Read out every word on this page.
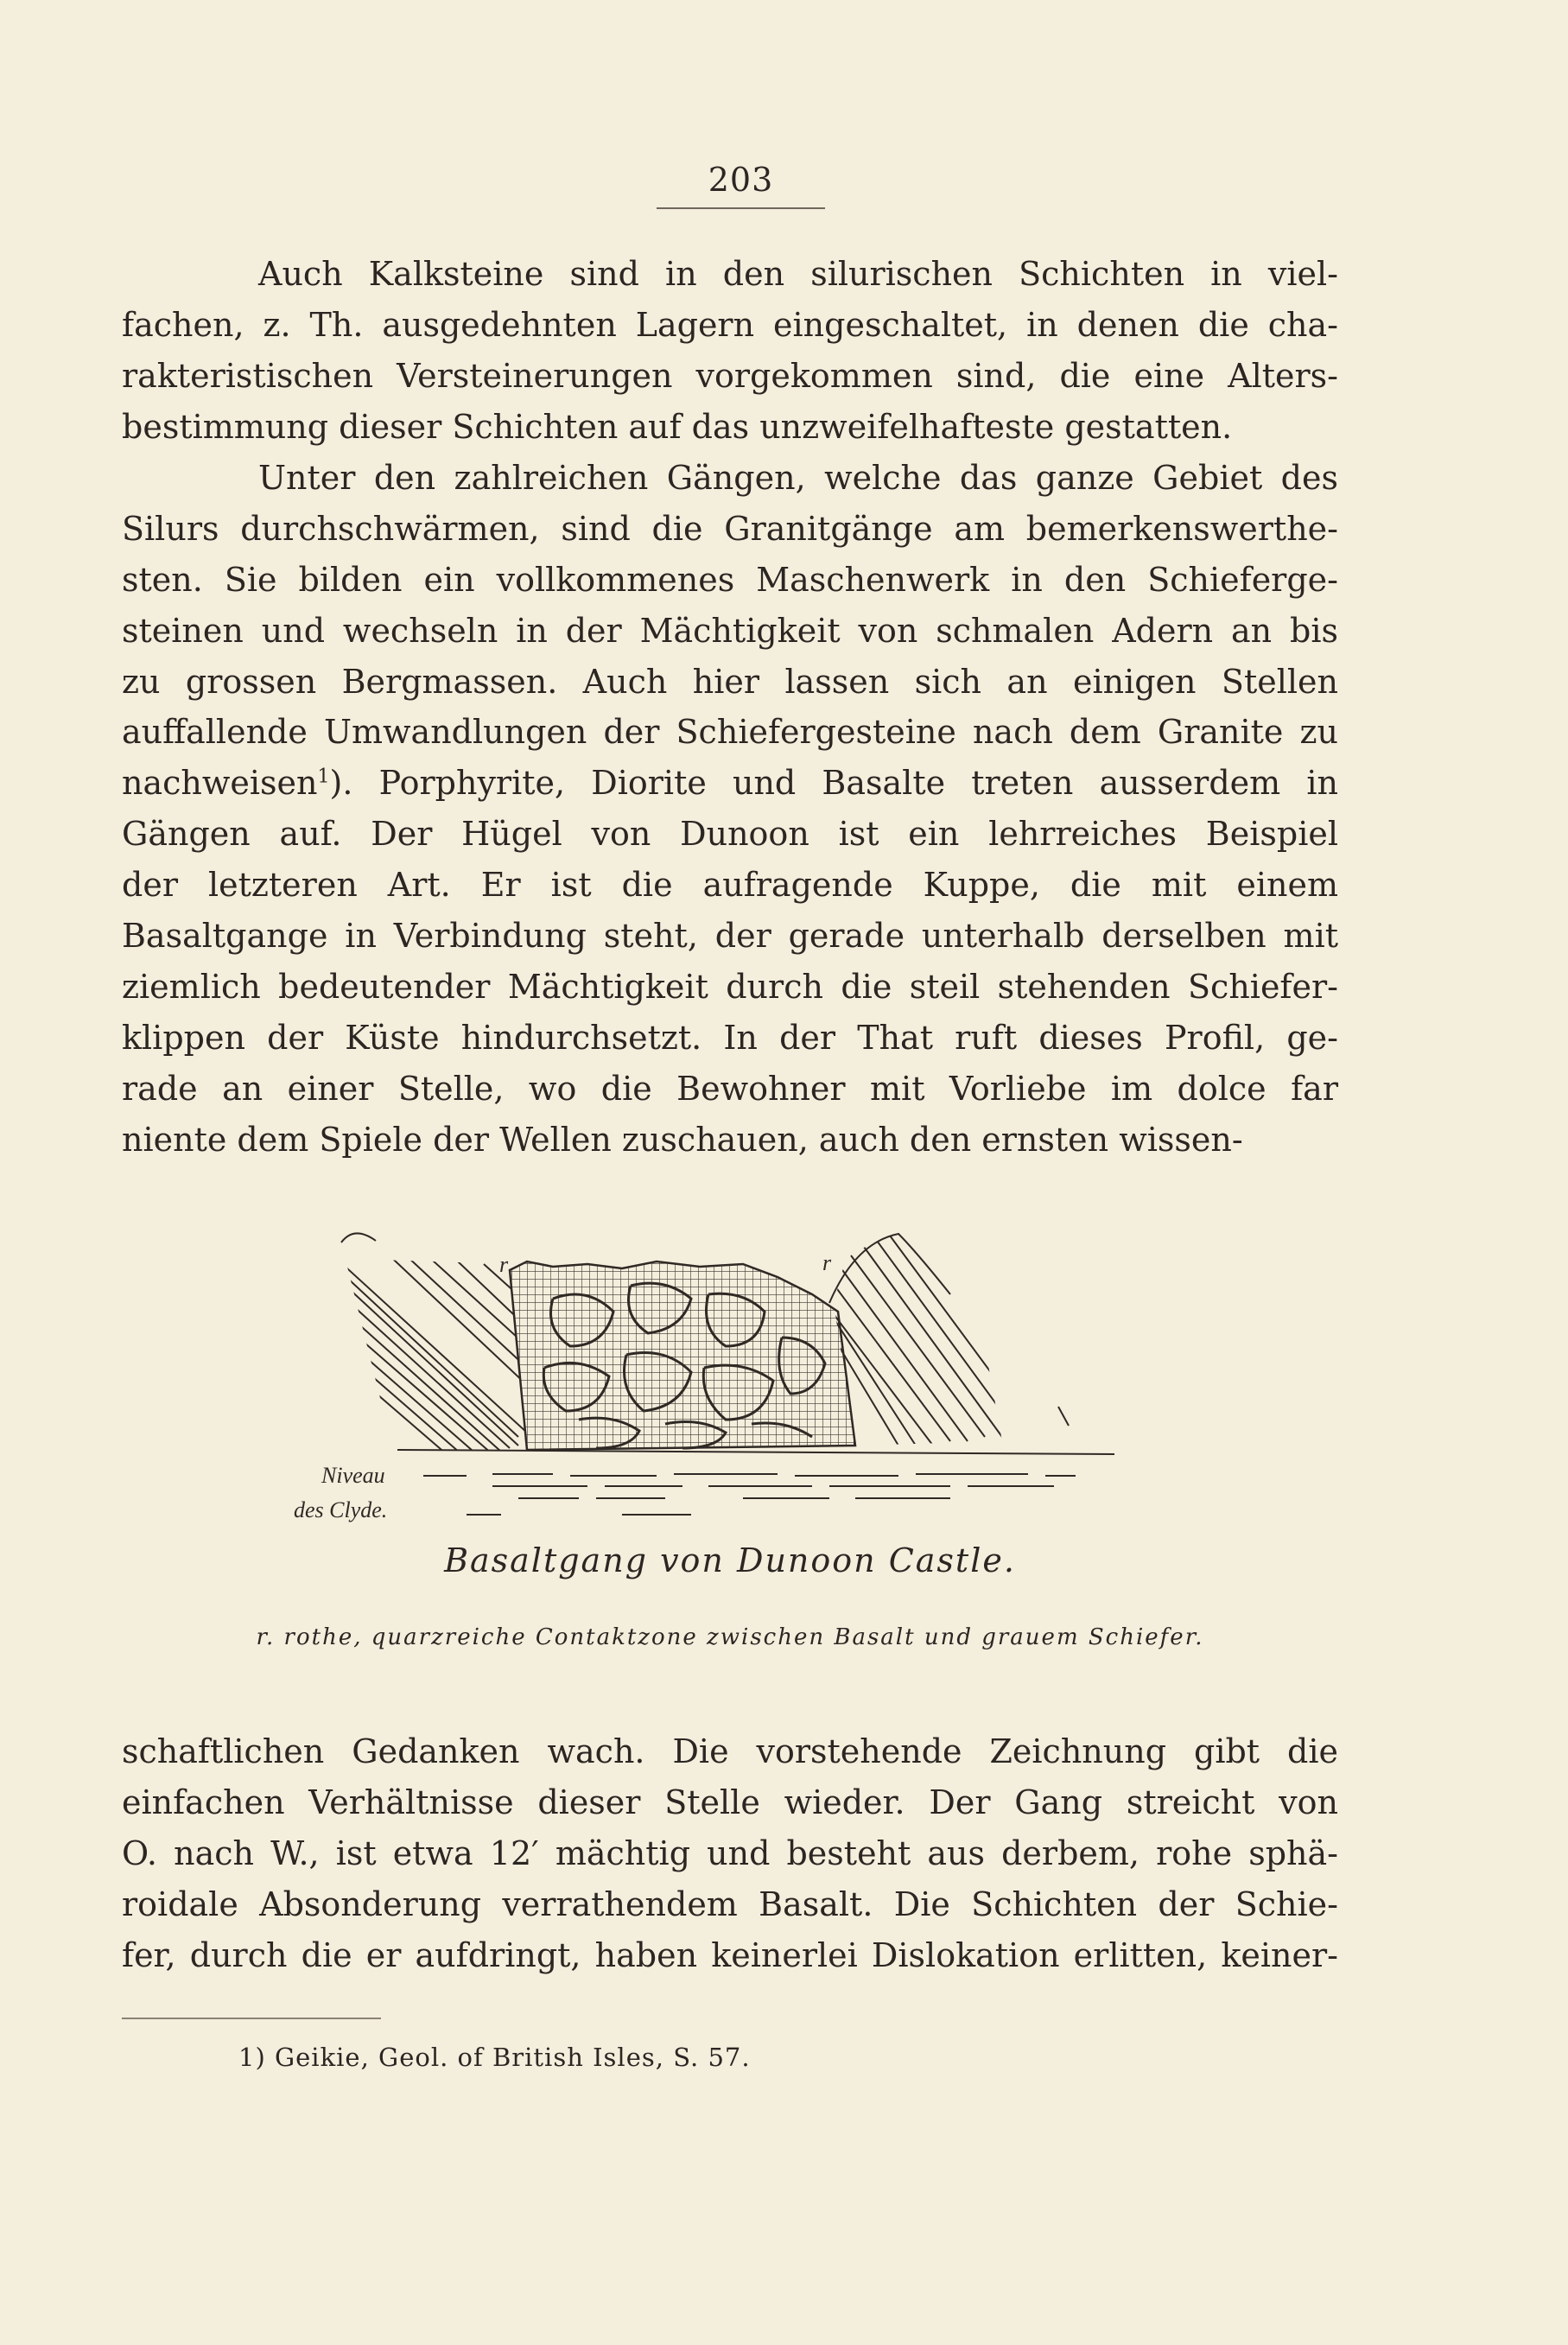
203

Auch Kalksteine sind in den silurischen Schichten in viel-
fachen, z. Th. ausgedehnten Lagern eingeschaltet, in denen die cha-
rakteristischen Versteinerungen vorgekommen sind, die eine Alters-
bestimmung dieser Schichten auf das unzweifelhafteste gestatten.

Unter den zahlreichen Gängen, welche das ganze Gebiet des
Silurs durchschwärmen, sind die Granitgänge am bemerkenswerthe-
sten. Sie bilden ein vollkommenes Maschenwerk in den Schieferge-
steinen und wechseln in der Mächtigkeit von schmalen Adern an bis
zu grossen Bergmassen. Auch hier lassen sich an einigen Stellen
auffallende Umwandlungen der Schiefergesteine nach dem Granite zu
nachweisen$^1$). Porphyrite, Diorite und Basalte treten ausserdem in
Gängen auf. Der Hügel von Dunoon ist ein lehrreiches Beispiel
der letzteren Art. Er ist die aufragende Kuppe, die mit einem
Basaltgange in Verbindung steht, der gerade unterhalb derselben mit
ziemlich bedeutender Mächtigkeit durch die steil stehenden Schiefer-
klippen der Küste hindurchsetzt. In der That ruft dieses Profil, ge-
rade an einer Stelle, wo die Bewohner mit Vorliebe im dolce far
niente dem Spiele der Wellen zuschauen, auch den ernsten wissen-

r	r
Niveau
des Clyde.

Basaltgang von Dunoon Castle.

r. rothe, quarzreiche Contaktzone zwischen Basalt und grauem Schiefer.

schaftlichen Gedanken wach. Die vorstehende Zeichnung gibt die
einfachen Verhältnisse dieser Stelle wieder. Der Gang streicht von
O. nach W., ist etwa 12′ mächtig und besteht aus derbem, rohe sphä-
roidale Absonderung verrathendem Basalt. Die Schichten der Schie-
fer, durch die er aufdringt, haben keinerlei Dislokation erlitten, keiner-

1) Geikie, Geol. of British Isles, S. 57.
